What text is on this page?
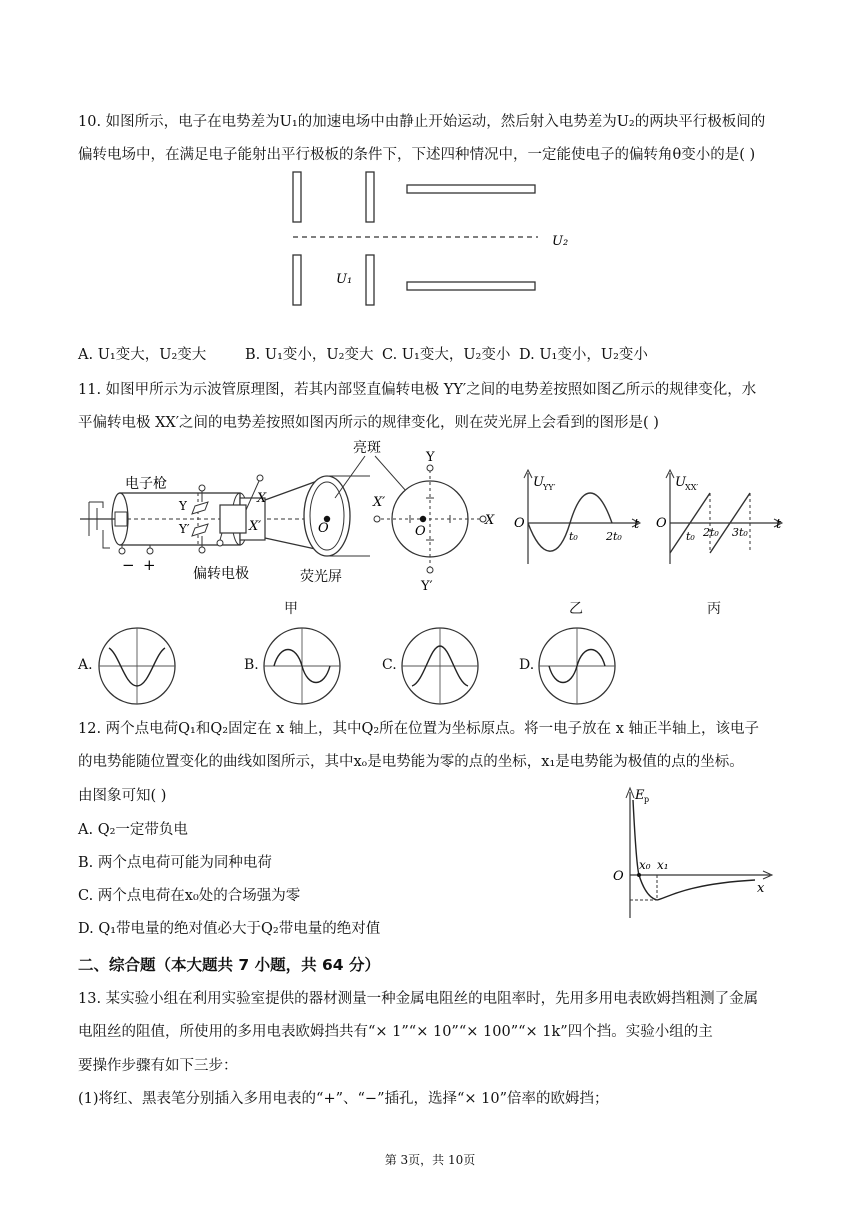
10. 如图所示，电子在电势差为U₁的加速电场中由静止开始运动，然后射入电势差为U₂的两块平行极板间的
偏转电场中，在满足电子能射出平行极板的条件下，下述四种情况中，一定能使电子的偏转角θ变小的是( )
U₁
U₂
A. U₁变大，U₂变大	B. U₁变小，U₂变大 C. U₁变大，U₂变小 D. U₁变小，U₂变小
11. 如图甲所示为示波管原理图，若其内部竖直偏转电极 YY′之间的电势差按照如图乙所示的规律变化，水
平偏转电极 XX′之间的电势差按照如图丙所示的规律变化，则在荧光屏上会看到的图形是( )
电子枪
− +
Y
Y′
X
X′
偏转电极
O
荧光屏
亮斑
Y
Y′
X′
X
O
甲
U YY′
O
t₀	2t₀
t
乙
U XX′
O
t₀ 2t₀ 3t₀
t
丙
A.	B.	C.	D.
12. 两个点电荷Q₁和Q₂固定在 x 轴上，其中Q₂所在位置为坐标原点。将一电子放在 x 轴正半轴上，该电子
的电势能随位置变化的曲线如图所示，其中xₒ是电势能为零的点的坐标，x₁是电势能为极值的点的坐标。
由图象可知( )
A. Q₂一定带负电
B. 两个点电荷可能为同种电荷
C. 两个点电荷在x₀处的合场强为零
D. Q₁带电量的绝对值必大于Q₂带电量的绝对值
E p
O
x₀ x₁
x
二、综合题（本大题共 7 小题，共 64 分）
13. 某实验小组在利用实验室提供的器材测量一种金属电阻丝的电阻率时，先用多用电表欧姆挡粗测了金属
电阻丝的阻值，所使用的多用电表欧姆挡共有“× 1”“× 10”“× 100”“× 1k”四个挡。实验小组的主
要操作步骤有如下三步：
(1)将红、黑表笔分别插入多用电表的“+”、“−”插孔，选择“× 10”倍率的欧姆挡；
第 3页，共 10页
